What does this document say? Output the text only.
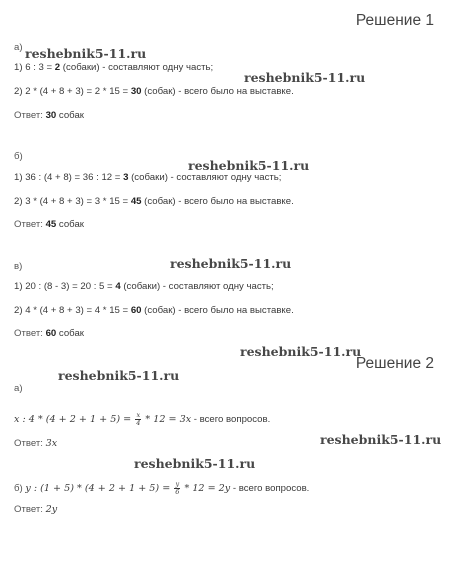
Решение 1
а)
1) 6 : 3 = 2 (собаки) - составляют одну часть;
2) 2 * (4 + 8 + 3) = 2 * 15 = 30 (собак) - всего было на выставке.
Ответ: 30 собак
б)
1) 36 : (4 + 8) = 36 : 12 = 3 (собаки) - составляют одну часть;
2) 3 * (4 + 8 + 3) = 3 * 15 = 45 (собак) - всего было на выставке.
Ответ: 45 собак
в)
1) 20 : (8 - 3) = 20 : 5 = 4 (собаки) - составляют одну часть;
2) 4 * (4 + 8 + 3) = 4 * 15 = 60 (собак) - всего было на выставке.
Ответ: 60 собак
Решение 2
а)
x : $4 * (4 + 2 + 1 + 5) = \frac{x}{4} * 12 = 3x$ - всего вопросов.
Ответ: 3x
б) y : $(1 + 5) * (4 + 2 + 1 + 5) = \frac{y}{6} * 12 = 2y$ - всего вопросов.
Ответ: 2y
reshebnik5-11.ru
reshebnik5-11.ru
reshebnik5-11.ru
reshebnik5-11.ru
reshebnik5-11.ru
reshebnik5-11.ru
reshebnik5-11.ru
reshebnik5-11.ru
